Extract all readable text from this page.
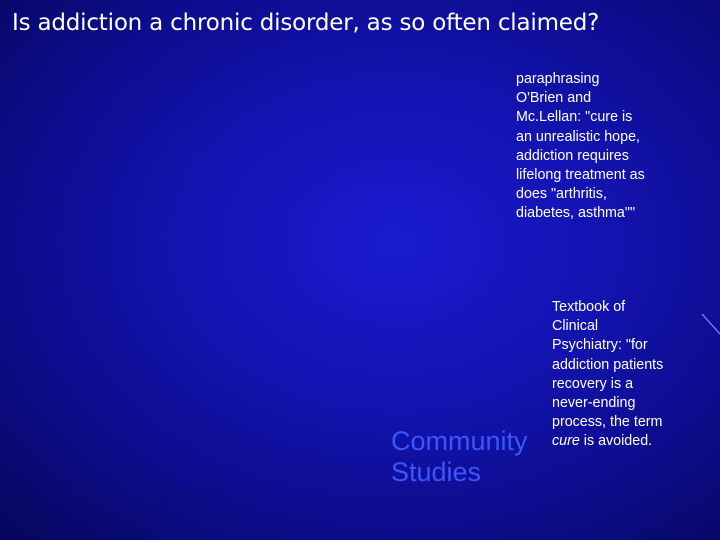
Is addiction a chronic disorder, as so often claimed?
paraphrasing O'Brien and Mc.Lellan: "cure is an unrealistic hope, addiction requires lifelong treatment as does "arthritis, diabetes, asthma""
Textbook of Clinical Psychiatry: "for addiction patients recovery is a never-ending process, the term cure is avoided.
Community Studies
Rem% = (LT-C)/LT
